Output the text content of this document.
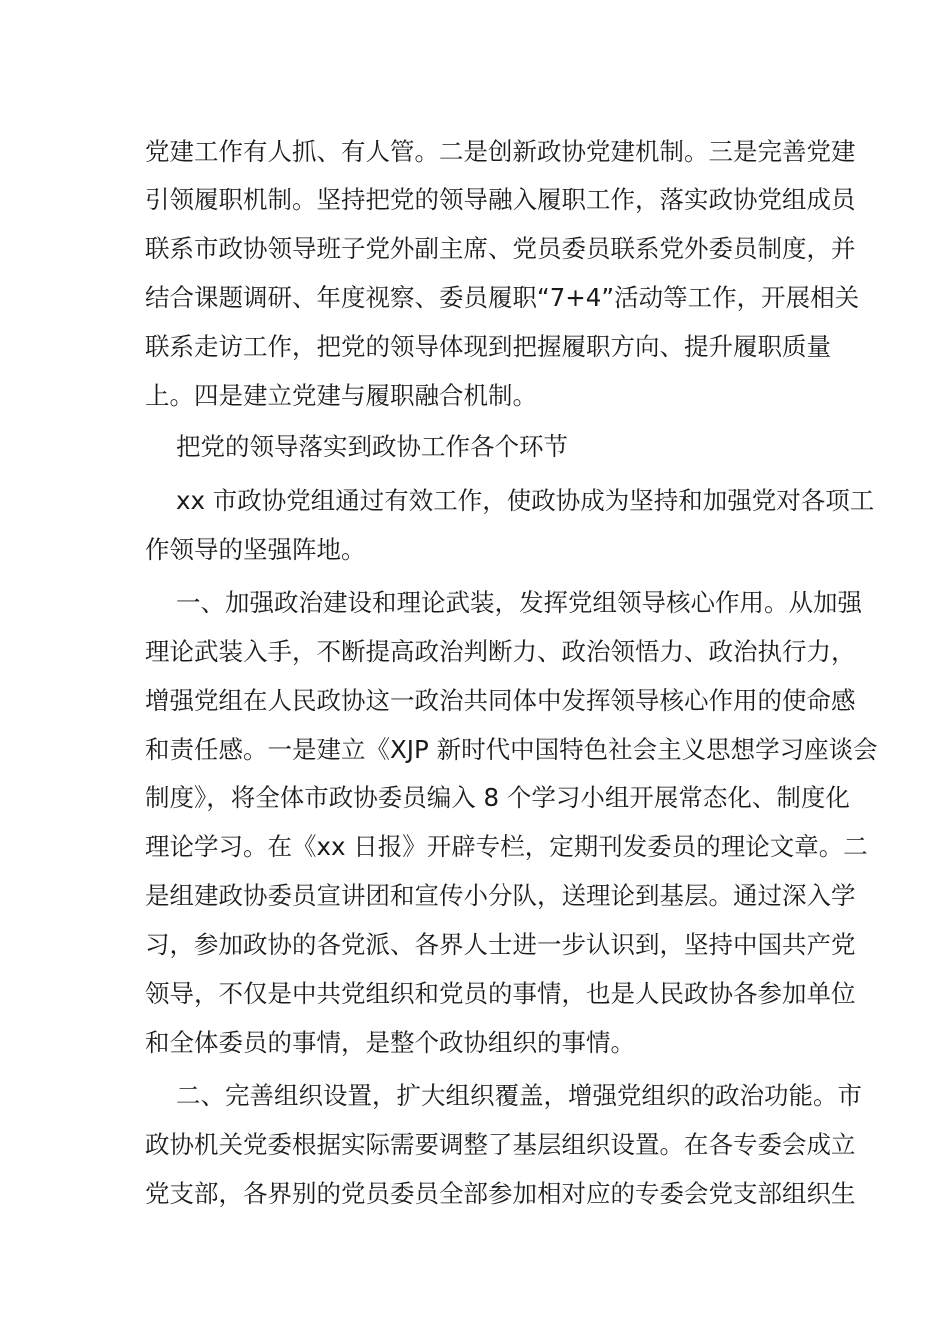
党建工作有人抓、有人管。二是创新政协党建机制。三是完善党建
引领履职机制。坚持把党的领导融入履职工作，落实政协党组成员
联系市政协领导班子党外副主席、党员委员联系党外委员制度，并
结合课题调研、年度视察、委员履职“7+4”活动等工作，开展相关
联系走访工作，把党的领导体现到把握履职方向、提升履职质量
上。四是建立党建与履职融合机制。
把党的领导落实到政协工作各个环节
xx 市政协党组通过有效工作，使政协成为坚持和加强党对各项工
作领导的坚强阵地。
一、加强政治建设和理论武装，发挥党组领导核心作用。从加强
理论武装入手，不断提高政治判断力、政治领悟力、政治执行力，
增强党组在人民政协这一政治共同体中发挥领导核心作用的使命感
和责任感。一是建立《XJP 新时代中国特色社会主义思想学习座谈会
制度》，将全体市政协委员编入 8 个学习小组开展常态化、制度化
理论学习。在《xx 日报》开辟专栏，定期刊发委员的理论文章。二
是组建政协委员宣讲团和宣传小分队，送理论到基层。通过深入学
习，参加政协的各党派、各界人士进一步认识到，坚持中国共产党
领导，不仅是中共党组织和党员的事情，也是人民政协各参加单位
和全体委员的事情，是整个政协组织的事情。
二、完善组织设置，扩大组织覆盖，增强党组织的政治功能。市
政协机关党委根据实际需要调整了基层组织设置。在各专委会成立
党支部，各界别的党员委员全部参加相对应的专委会党支部组织生
